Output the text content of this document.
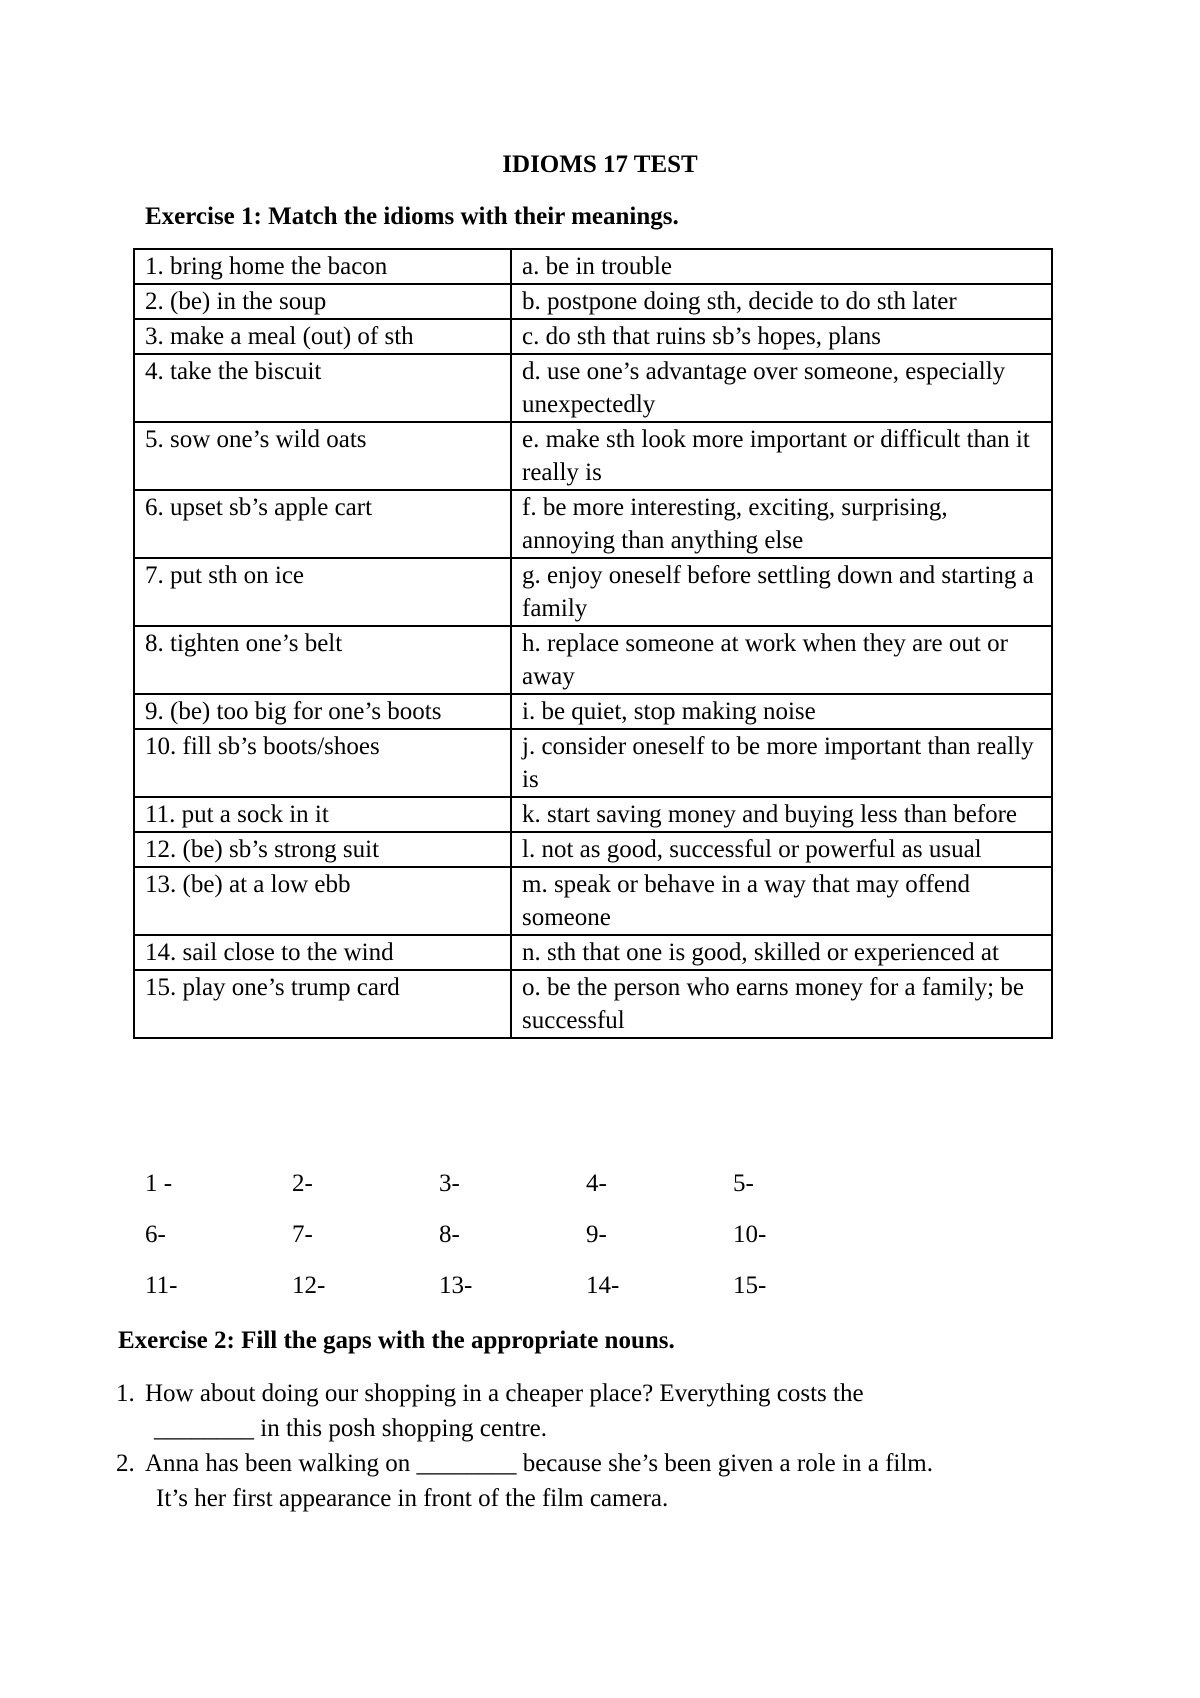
IDIOMS 17 TEST
Exercise 1: Match the idioms with their meanings.
1. bring home the bacon	a. be in trouble
2. (be) in the soup	b. postpone doing sth, decide to do sth later
3. make a meal (out) of sth	c. do sth that ruins sb’s hopes, plans
4. take the biscuit	d. use one’s advantage over someone, especially unexpectedly
5. sow one’s wild oats	e. make sth look more important or difficult than it really is
6. upset sb’s apple cart	f. be more interesting, exciting, surprising, annoying than anything else
7. put sth on ice	g. enjoy oneself before settling down and starting a family
8. tighten one’s belt	h. replace someone at work when they are out or away
9. (be) too big for one’s boots	i. be quiet, stop making noise
10. fill sb’s boots/shoes	j. consider oneself to be more important than really is
11. put a sock in it	k. start saving money and buying less than before
12. (be) sb’s strong suit	l. not as good, successful or powerful as usual
13. (be) at a low ebb	m. speak or behave in a way that may offend someone
14. sail close to the wind	n. sth that one is good, skilled or experienced at
15. play one’s trump card	o. be the person who earns money for a family; be successful
1 -	2-	3-	4-	5-
6-	7-	8-	9-	10-
11-	12-	13-	14-	15-
Exercise 2: Fill the gaps with the appropriate nouns.

1. How about doing our shopping in a cheaper place? Everything costs the
________ in this posh shopping centre.

2. Anna has been walking on ________ because she’s been given a role in a film.
It’s her first appearance in front of the film camera.
